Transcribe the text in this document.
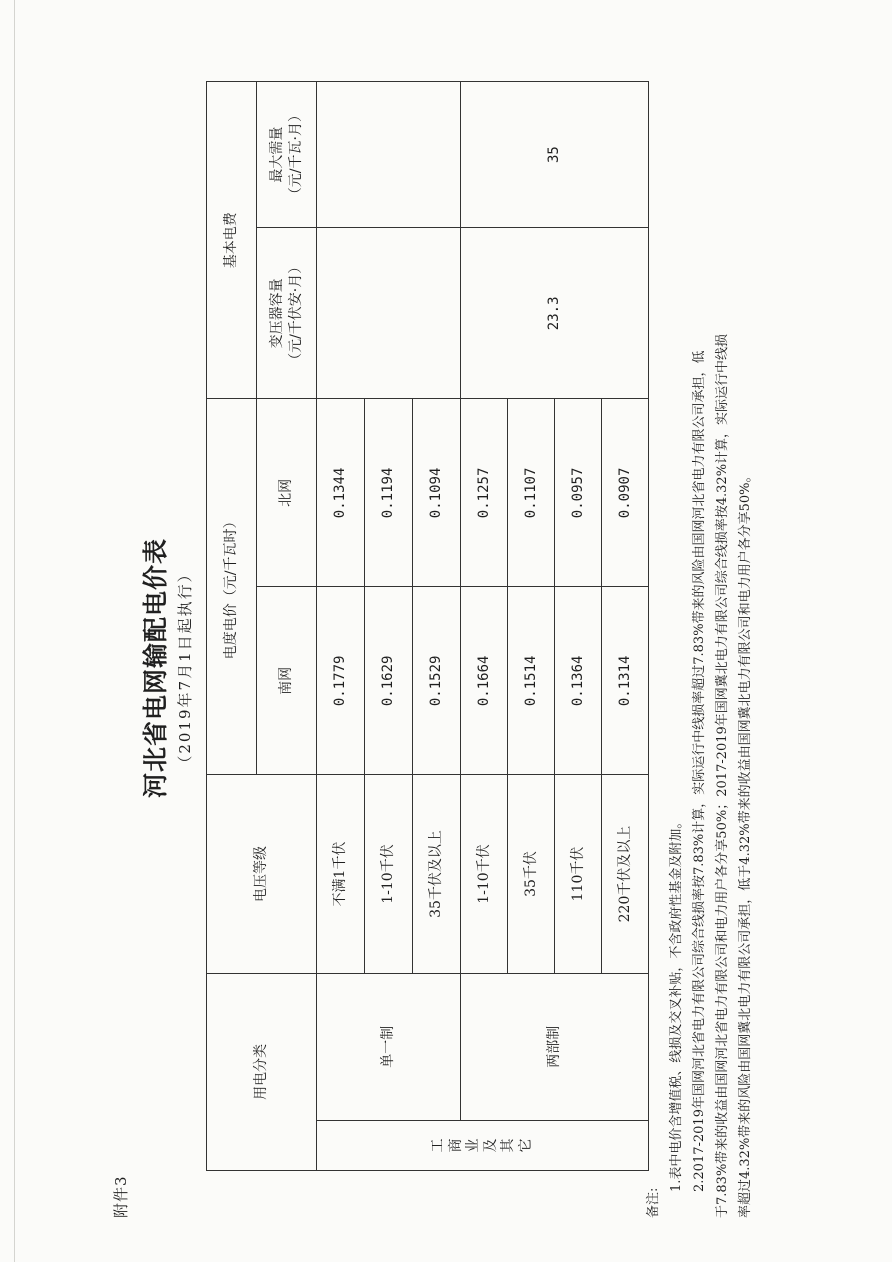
附件3
河北省电网输配电价表 （2019年7月1日起执行）
用电分类		电压等级	电度电价（元/千瓦时）		基本电费	
			南网	北网	变压器容量 （元/千伏安·月）	最大需量 （元/千瓦·月）
工商业及其它	单一制	不满1千伏	0.1779	0.1344		
		1-10千伏	0.1629	0.1194		
		35千伏及以上	0.1529	0.1094		
	两部制	1-10千伏	0.1664	0.1257	23.3	35
		35千伏	0.1514	0.1107		
		110千伏	0.1364	0.0957		
		220千伏及以上	0.1314	0.0907		
备注:
1.表中电价含增值税、线损及交叉补贴，不含政府性基金及附加。 2.2017-2019年国网河北省电力有限公司综合线损率按7.83%计算，实际运行中线损率超过7.83%带来的风险由国网河北省电力有限公司承担，低 于7.83%带来的收益由国网河北省电力有限公司和电力用户各分享50%；2017-2019年国网冀北电力有限公司综合线损率按4.32%计算，实际运行中线损 率超过4.32%带来的风险由国网冀北电力有限公司承担，低于4.32%带来的收益由国网冀北电力有限公司和电力用户各分享50%。
